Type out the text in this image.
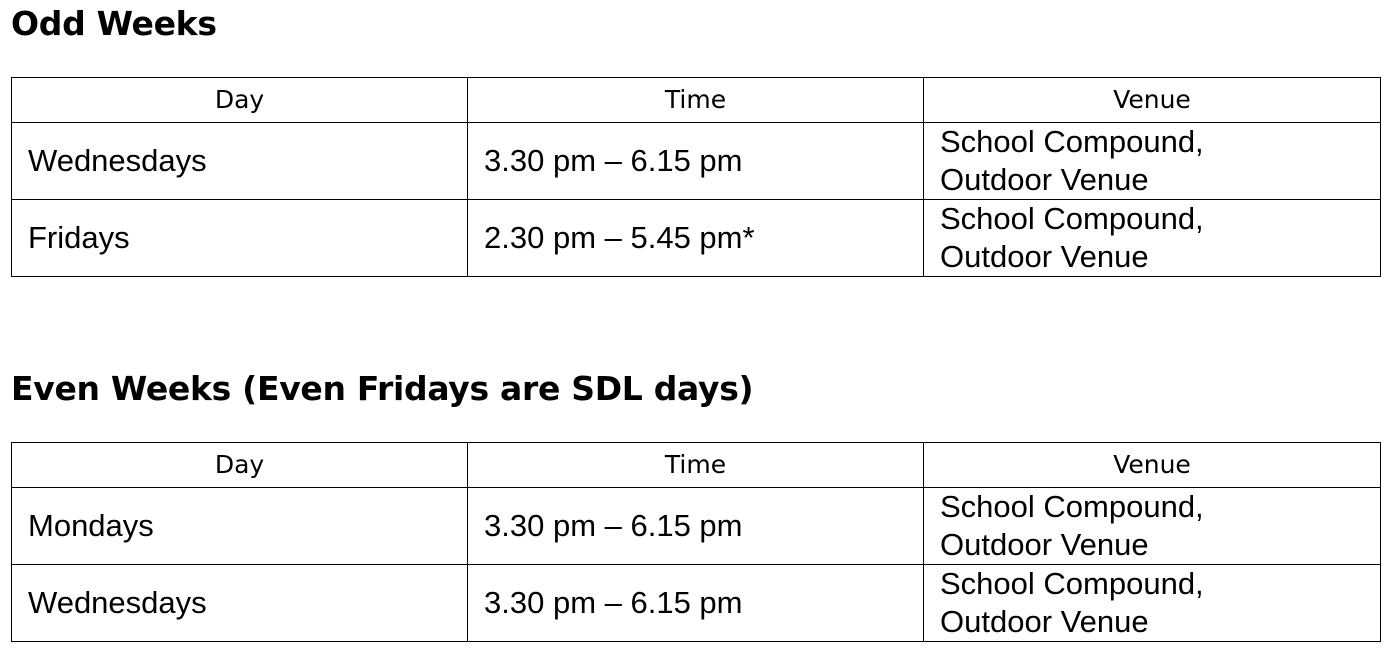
Odd Weeks
Day	Time	Venue
Wednesdays	3.30 pm – 6.15 pm	School Compound,
Outdoor Venue

Fridays	2.30 pm – 5.45 pm*	School Compound,
Outdoor Venue
Even Weeks (Even Fridays are SDL days)
Day	Time	Venue
Mondays	3.30 pm – 6.15 pm	School Compound,
Outdoor Venue

Wednesdays	3.30 pm – 6.15 pm	School Compound,
Outdoor Venue
